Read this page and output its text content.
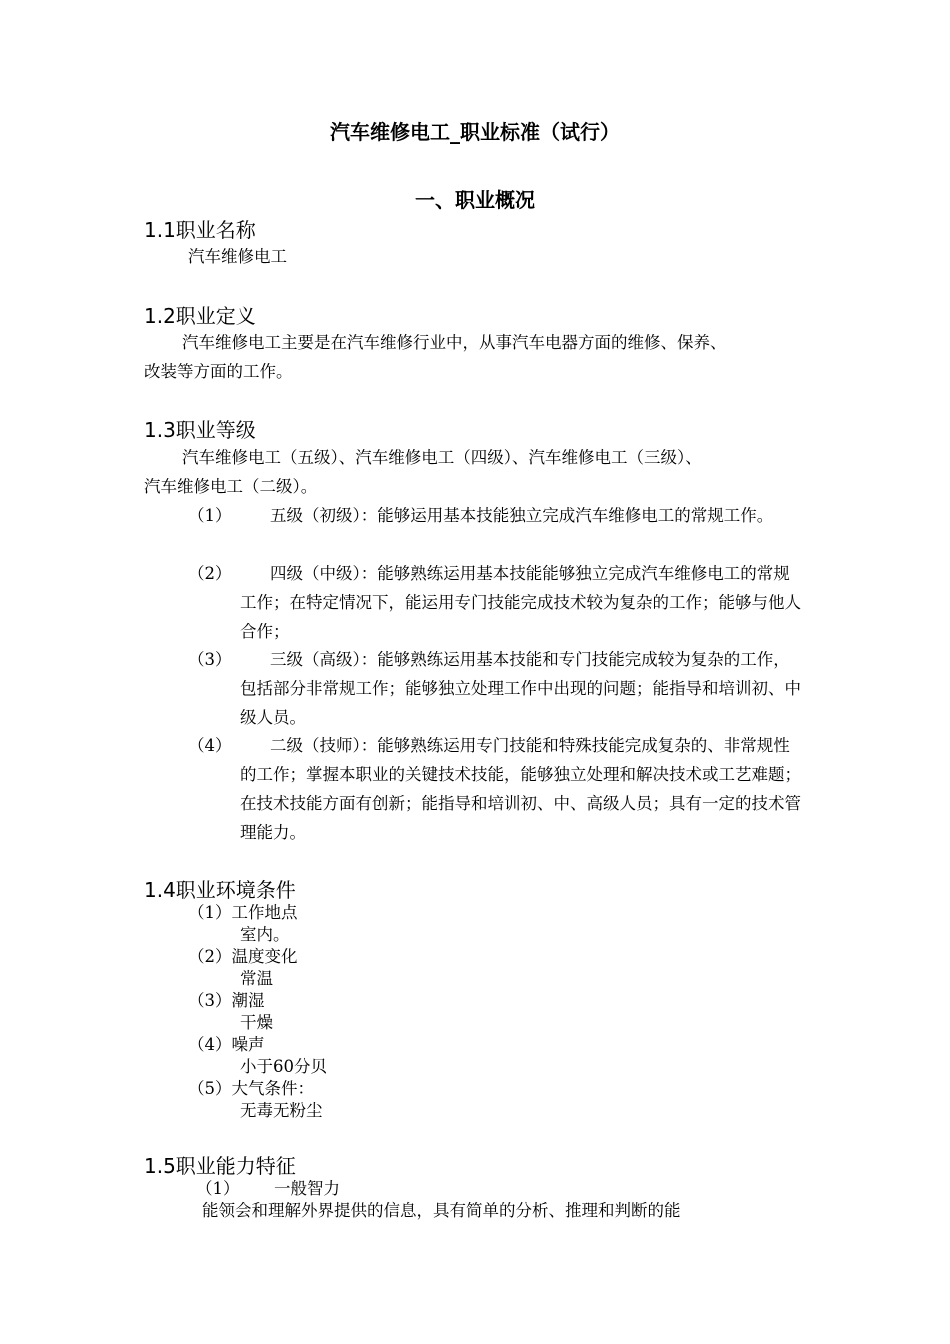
汽车维修电工_职业标准（试行）
一、职业概况
1.1职业名称
汽车维修电工
1.2职业定义
汽车维修电工主要是在汽车维修行业中，从事汽车电器方面的维修、保养、
改装等方面的工作。
1.3职业等级
汽车维修电工（五级）、汽车维修电工（四级）、汽车维修电工（三级）、
汽车维修电工（二级）。
（1）	五级（初级）：能够运用基本技能独立完成汽车维修电工的常规工作。
（2）	四级（中级）：能够熟练运用基本技能能够独立完成汽车维修电工的常规工作；在特定情况下，能运用专门技能完成技术较为复杂的工作；能够与他人合作；
（3）	三级（高级）：能够熟练运用基本技能和专门技能完成较为复杂的工作，包括部分非常规工作；能够独立处理工作中出现的问题；能指导和培训初、中级人员。
（4）	二级（技师）：能够熟练运用专门技能和特殊技能完成复杂的、非常规性的工作；掌握本职业的关键技术技能，能够独立处理和解决技术或工艺难题；在技术技能方面有创新；能指导和培训初、中、高级人员；具有一定的技术管理能力。
1.4职业环境条件
（1）工作地点
室内。
（2）温度变化
常温
（3）潮湿
干燥
（4）噪声
小于60分贝
（5）大气条件：
无毒无粉尘
1.5职业能力特征
（1） 一般智力
能领会和理解外界提供的信息，具有简单的分析、推理和判断的能
